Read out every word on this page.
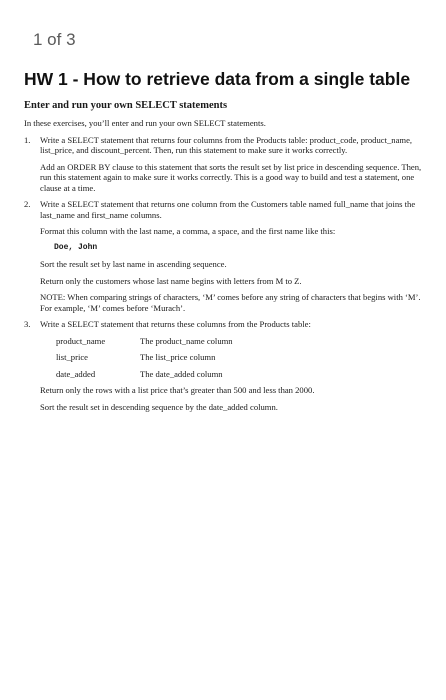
1 of 3
HW 1 - How to retrieve data from a single table
Enter and run your own SELECT statements
In these exercises, you’ll enter and run your own SELECT statements.
1.	Write a SELECT statement that returns four columns from the Products table: product_code, product_name, list_price, and discount_percent. Then, run this statement to make sure it works correctly.

Add an ORDER BY clause to this statement that sorts the result set by list price in descending sequence. Then, run this statement again to make sure it works correctly. This is a good way to build and test a statement, one clause at a time.

2.	Write a SELECT statement that returns one column from the Customers table named full_name that joins the last_name and first_name columns.

Format this column with the last name, a comma, a space, and the first name like this:

Doe, John

Sort the result set by last name in ascending sequence.

Return only the customers whose last name begins with letters from M to Z.

NOTE: When comparing strings of characters, ‘M’ comes before any string of characters that begins with ‘M’. For example, ‘M’ comes before ‘Murach’.

3.	Write a SELECT statement that returns these columns from the Products table:

product_name	The product_name column
list_price	The list_price column
date_added	The date_added column

Return only the rows with a list price that’s greater than 500 and less than 2000.

Sort the result set in descending sequence by the date_added column.
